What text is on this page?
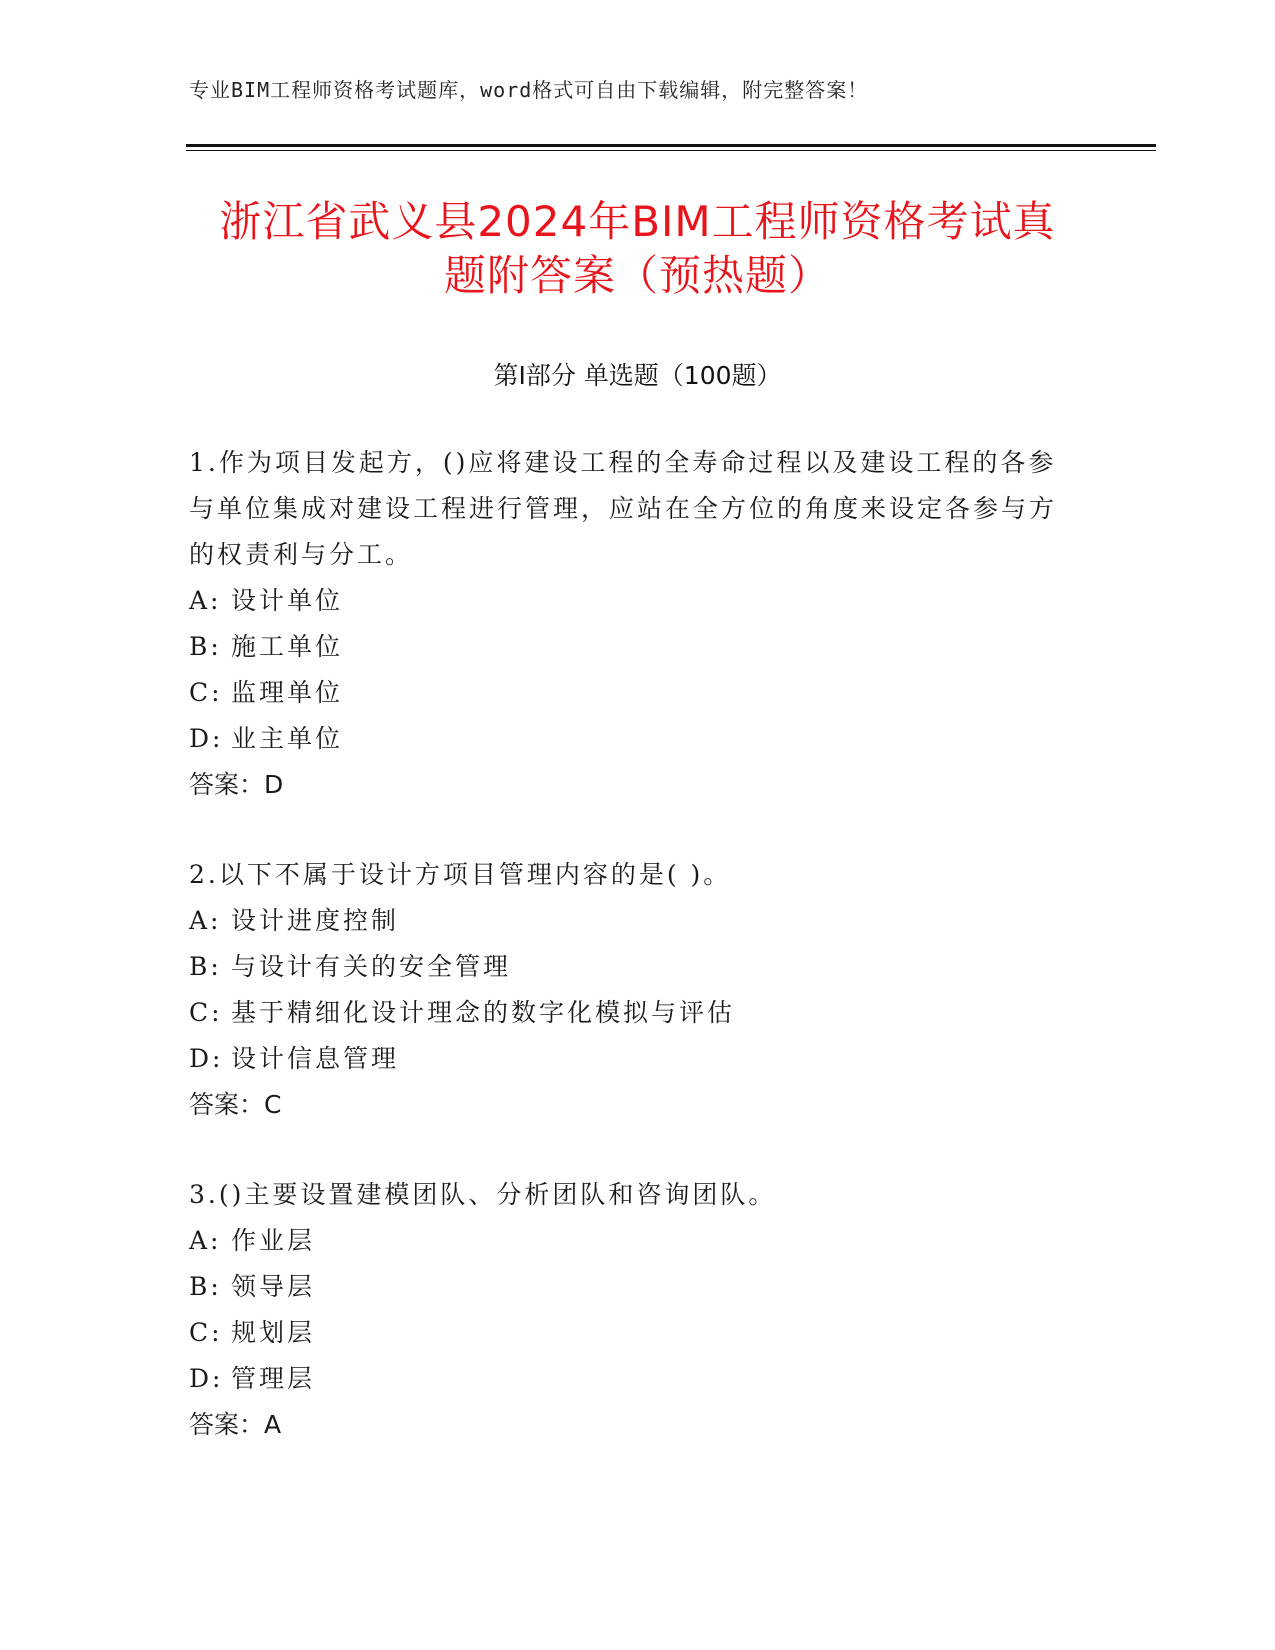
专业BIM工程师资格考试题库，word格式可自由下载编辑，附完整答案！
浙江省武义县2024年BIM工程师资格考试真
题附答案（预热题）
第Ⅰ部分 单选题（100题）

1.作为项目发起方，()应将建设工程的全寿命过程以及建设工程的各参与单位集成对建设工程进行管理，应站在全方位的角度来设定各参与方的权责利与分工。

A: 设计单位
B: 施工单位
C: 监理单位
D: 业主单位

答案：D

2.以下不属于设计方项目管理内容的是( )。

A: 设计进度控制
B: 与设计有关的安全管理
C: 基于精细化设计理念的数字化模拟与评估
D: 设计信息管理

答案：C

3.()主要设置建模团队、分析团队和咨询团队。

A: 作业层
B: 领导层
C: 规划层
D: 管理层

答案：A
